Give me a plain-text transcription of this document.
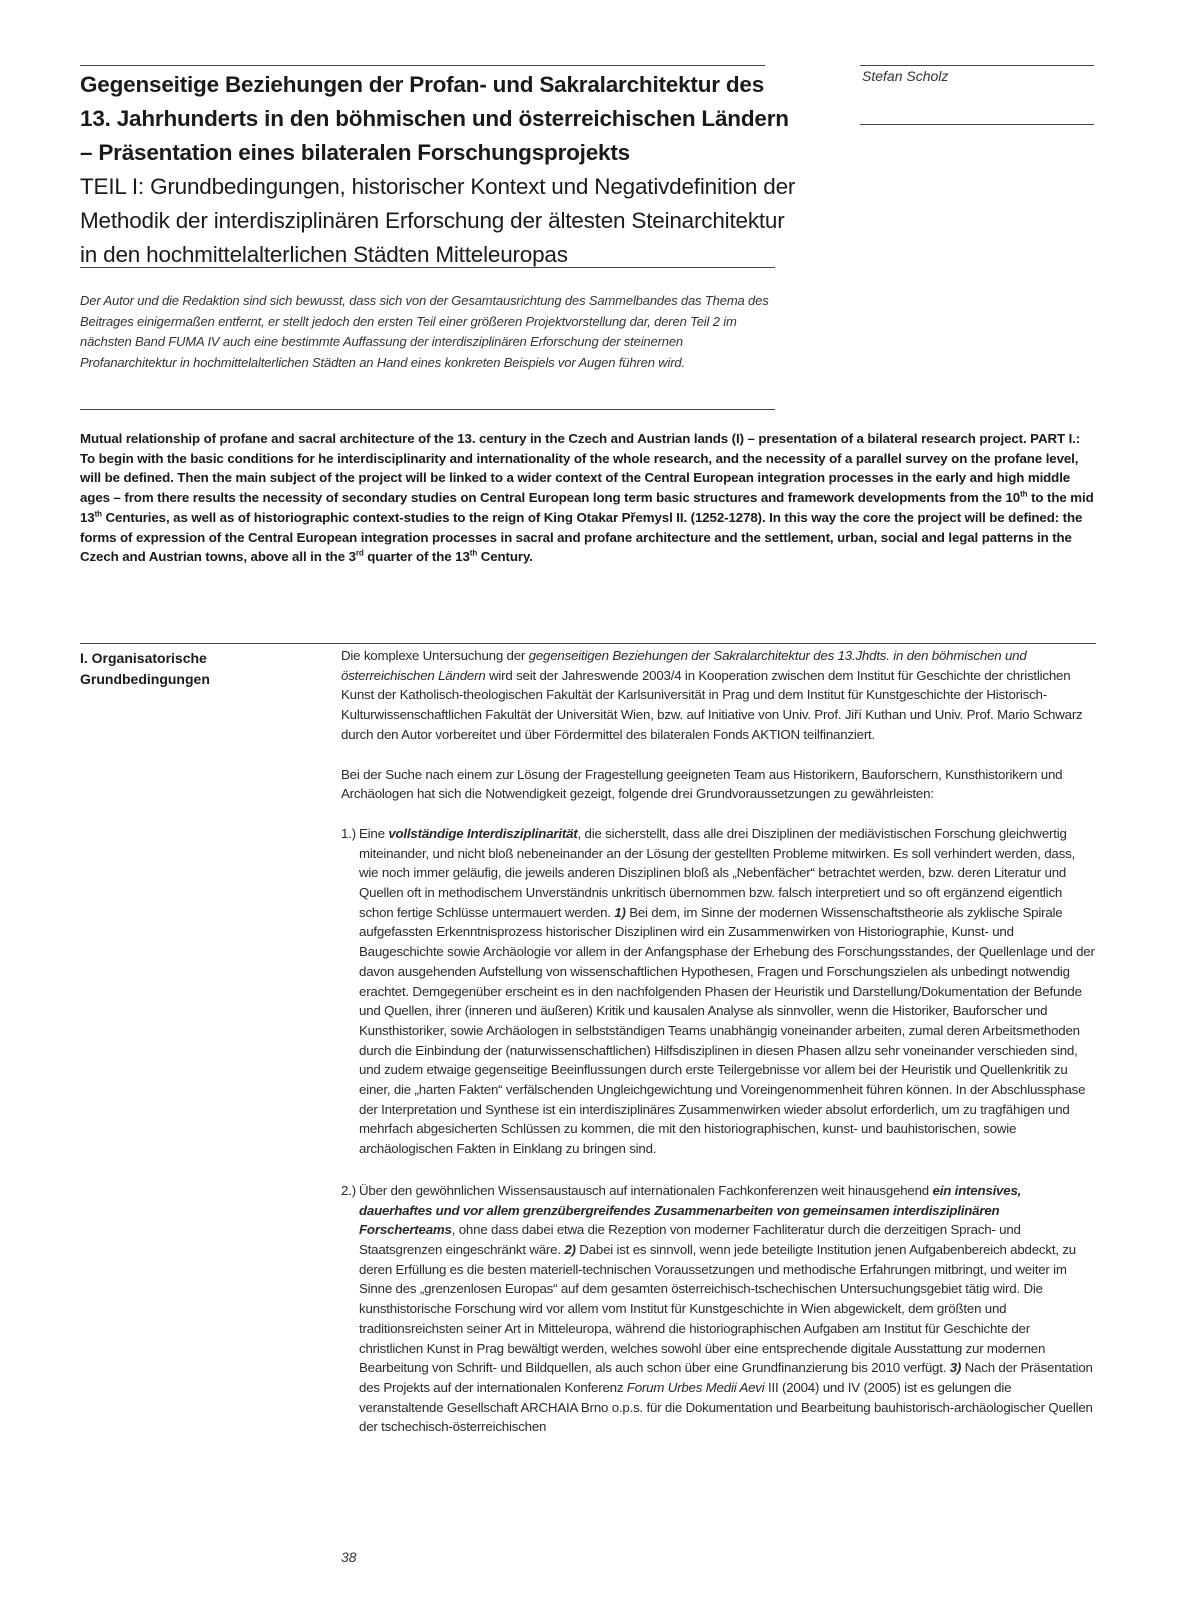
Gegenseitige Beziehungen der Profan- und Sakralarchitektur des 13. Jahrhunderts in den böhmischen und österreichischen Ländern – Präsentation eines bilateralen Forschungsprojekts
TEIL I: Grundbedingungen, historischer Kontext und Negativdefinition der Methodik der interdisziplinären Erforschung der ältesten Steinarchitektur in den hochmittelalterlichen Städten Mitteleuropas
Stefan Scholz

Der Autor und die Redaktion sind sich bewusst, dass sich von der Gesamtausrichtung des Sammelbandes das Thema des Beitrages einigermaßen entfernt, er stellt jedoch den ersten Teil einer größeren Projektvorstellung dar, deren Teil 2 im nächsten Band FUMA IV auch eine bestimmte Auffassung der interdisziplinären Erforschung der steinernen Profanarchitektur in hochmittelalterlichen Städten an Hand eines konkreten Beispiels vor Augen führen wird.

Mutual relationship of profane and sacral architecture of the 13. century in the Czech and Austrian lands (I) – presentation of a bilateral research project. PART I.:

To begin with the basic conditions for he interdisciplinarity and internationality of the whole research, and the necessity of a parallel survey on the profane level, will be defined. Then the main subject of the project will be linked to a wider context of the Central European integration processes in the early and high middle ages – from there results the necessity of secondary studies on Central European long term basic structures and framework developments from the 10th to the mid 13th Centuries, as well as of historiographic context-studies to the reign of King Otakar Přemysl II. (1252-1278). In this way the core the project will be defined: the forms of expression of the Central European integration processes in sacral and profane architecture and the settlement, urban, social and legal patterns in the Czech and Austrian towns, above all in the 3rd quarter of the 13th Century.

I. Organisatorische Grundbedingungen

Die komplexe Untersuchung der gegenseitigen Beziehungen der Sakralarchitektur des 13.Jhdts. in den böhmischen und österreichischen Ländern wird seit der Jahreswende 2003/4 in Kooperation zwischen dem Institut für Geschichte der christlichen Kunst der Katholisch-theologischen Fakultät der Karlsuniversität in Prag und dem Institut für Kunstgeschichte der Historisch-Kulturwissenschaftlichen Fakultät der Universität Wien, bzw. auf Initiative von Univ. Prof. Jiří Kuthan und Univ. Prof. Mario Schwarz durch den Autor vorbereitet und über Fördermittel des bilateralen Fonds AKTION teilfinanziert.

Bei der Suche nach einem zur Lösung der Fragestellung geeigneten Team aus Historikern, Bauforschern, Kunsthistorikern und Archäologen hat sich die Notwendigkeit gezeigt, folgende drei Grundvoraussetzungen zu gewährleisten:

1.) Eine vollständige Interdisziplinarität, die sicherstellt, dass alle drei Disziplinen der mediävistischen Forschung gleichwertig miteinander, und nicht bloß nebeneinander an der Lösung der gestellten Probleme mitwirken. Es soll verhindert werden, dass, wie noch immer geläufig, die jeweils anderen Disziplinen bloß als „Nebenfächer“ betrachtet werden, bzw. deren Literatur und Quellen oft in methodischem Unverständnis unkritisch übernommen bzw. falsch interpretiert und so oft ergänzend eigentlich schon fertige Schlüsse untermauert werden. 1) Bei dem, im Sinne der modernen Wissenschaftstheorie als zyklische Spirale aufgefassten Erkenntnisprozess historischer Disziplinen wird ein Zusammenwirken von Historiographie, Kunst- und Baugeschichte sowie Archäologie vor allem in der Anfangsphase der Erhebung des Forschungsstandes, der Quellenlage und der davon ausgehenden Aufstellung von wissenschaftlichen Hypothesen, Fragen und Forschungszielen als unbedingt notwendig erachtet. Demgegenüber erscheint es in den nachfolgenden Phasen der Heuristik und Darstellung/Dokumentation der Befunde und Quellen, ihrer (inneren und äußeren) Kritik und kausalen Analyse als sinnvoller, wenn die Historiker, Bauforscher und Kunsthistoriker, sowie Archäologen in selbstständigen Teams unabhängig voneinander arbeiten, zumal deren Arbeitsmethoden durch die Einbindung der (naturwissenschaftlichen) Hilfsdisziplinen in diesen Phasen allzu sehr voneinander verschieden sind, und zudem etwaige gegenseitige Beeinflussungen durch erste Teilergebnisse vor allem bei der Heuristik und Quellenkritik zu einer, die „harten Fakten“ verfälschenden Ungleichgewichtung und Voreingenommenheit führen können. In der Abschlussphase der Interpretation und Synthese ist ein interdisziplinäres Zusammenwirken wieder absolut erforderlich, um zu tragfähigen und mehrfach abgesicherten Schlüssen zu kommen, die mit den historiographischen, kunst- und bauhistorischen, sowie archäologischen Fakten in Einklang zu bringen sind.

2.) Über den gewöhnlichen Wissensaustausch auf internationalen Fachkonferenzen weit hinausgehend ein intensives, dauerhaftes und vor allem grenzübergreifendes Zusammenarbeiten von gemeinsamen interdisziplinären Forscherteams, ohne dass dabei etwa die Rezeption von moderner Fachliteratur durch die derzeitigen Sprach- und Staatsgrenzen eingeschränkt wäre. 2) Dabei ist es sinnvoll, wenn jede beteiligte Institution jenen Aufgabenbereich abdeckt, zu deren Erfüllung es die besten materiell-technischen Voraussetzungen und methodische Erfahrungen mitbringt, und weiter im Sinne des „grenzenlosen Europas“ auf dem gesamten österreichisch-tschechischen Untersuchungsgebiet tätig wird. Die kunsthistorische Forschung wird vor allem vom Institut für Kunstgeschichte in Wien abgewickelt, dem größten und traditionsreichsten seiner Art in Mitteleuropa, während die historiographischen Aufgaben am Institut für Geschichte der christlichen Kunst in Prag bewältigt werden, welches sowohl über eine entsprechende digitale Ausstattung zur modernen Bearbeitung von Schrift- und Bildquellen, als auch schon über eine Grundfinanzierung bis 2010 verfügt. 3) Nach der Präsentation des Projekts auf der internationalen Konferenz Forum Urbes Medii Aevi III (2004) und IV (2005) ist es gelungen die veranstaltende Gesellschaft ARCHAIA Brno o.p.s. für die Dokumentation und Bearbeitung bauhistorisch-archäologischer Quellen der tschechisch-österreichischen

38
